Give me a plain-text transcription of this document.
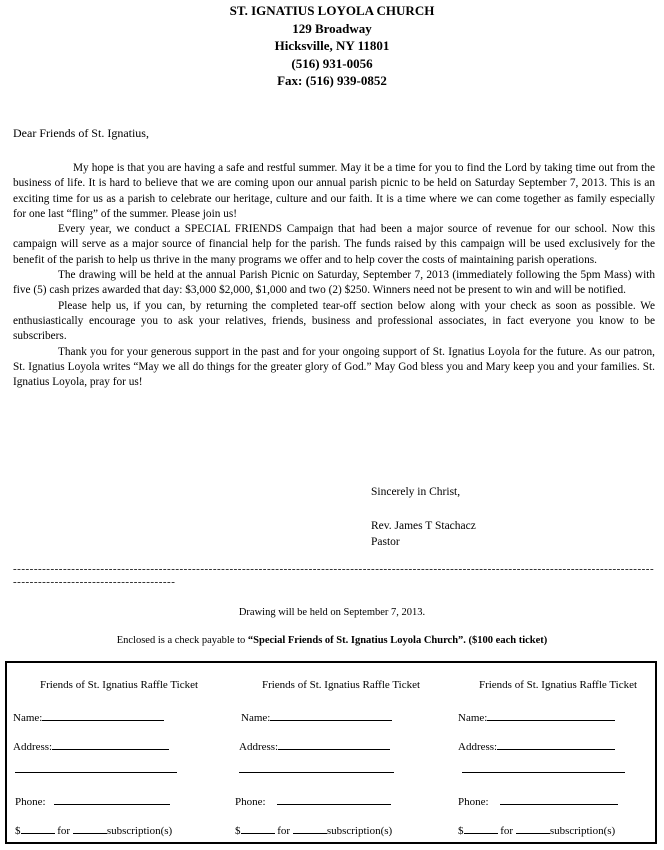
ST. IGNATIUS LOYOLA CHURCH
129 Broadway
Hicksville, NY 11801
(516) 931-0056
Fax: (516) 939-0852
Dear Friends of St. Ignatius,

My hope is that you are having a safe and restful summer. May it be a time for you to find the Lord by taking time out from the business of life. It is hard to believe that we are coming upon our annual parish picnic to be held on Saturday September 7, 2013. This is an exciting time for us as a parish to celebrate our heritage, culture and our faith. It is a time where we can come together as family especially for one last “fling” of the summer. Please join us!

Every year, we conduct a SPECIAL FRIENDS Campaign that had been a major source of revenue for our school. Now this campaign will serve as a major source of financial help for the parish. The funds raised by this campaign will be used exclusively for the benefit of the parish to help us thrive in the many programs we offer and to help cover the costs of maintaining parish operations.

The drawing will be held at the annual Parish Picnic on Saturday, September 7, 2013 (immediately following the 5pm Mass) with five (5) cash prizes awarded that day: $3,000 $2,000, $1,000 and two (2) $250. Winners need not be present to win and will be notified.

Please help us, if you can, by returning the completed tear-off section below along with your check as soon as possible. We enthusiastically encourage you to ask your relatives, friends, business and professional associates, in fact everyone you know to be subscribers.

Thank you for your generous support in the past and for your ongoing support of St. Ignatius Loyola for the future. As our patron, St. Ignatius Loyola writes “May we all do things for the greater glory of God.” May God bless you and Mary keep you and your families. St. Ignatius Loyola, pray for us!

Sincerely in Christ,
Rev. James T Stachacz
Pastor
-------------------------------------------------------------------------------------------------------------------------------------------------------------------------------------------------
Drawing will be held on September 7, 2013.
Enclosed is a check payable to “Special Friends of St. Ignatius Loyola Church”. ($100 each ticket)
Friends of St. Ignatius Raffle Ticket
Name:
Address:
Phone:
$	for	subscription(s)
Friends of St. Ignatius Raffle Ticket
Name:
Address:
Phone:
$	for	subscription(s)
Friends of St. Ignatius Raffle Ticket
Name:
Address:
Phone:
$	for	subscription(s)
